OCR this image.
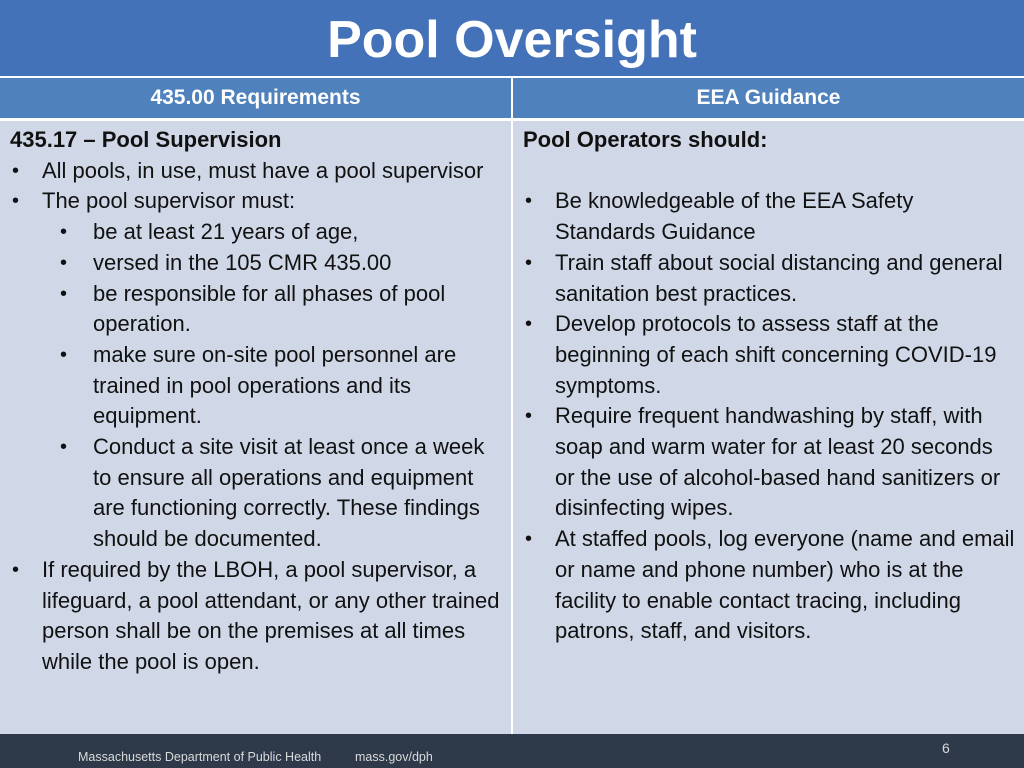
Pool Oversight
435.00 Requirements	EEA Guidance
435.17 – Pool Supervision
• All pools, in use, must have a pool supervisor
• The pool supervisor must:
• be at least 21 years of age,
• versed in the 105 CMR 435.00
• be responsible for all phases of pool operation.
• make sure on-site pool personnel are trained in pool operations and its equipment.
• Conduct a site visit at least once a week to ensure all operations and equipment are functioning correctly. These findings should be documented.
• If required by the LBOH, a pool supervisor, a lifeguard, a pool attendant, or any other trained person shall be on the premises at all times while the pool is open.
Pool Operators should:
• Be knowledgeable of the EEA Safety Standards Guidance
• Train staff about social distancing and general sanitation best practices.
• Develop protocols to assess staff at the beginning of each shift concerning COVID-19 symptoms.
• Require frequent handwashing by staff, with soap and warm water for at least 20 seconds or the use of alcohol-based hand sanitizers or disinfecting wipes.
• At staffed pools, log everyone (name and email or name and phone number) who is at the facility to enable contact tracing, including patrons, staff, and visitors.
Massachusetts Department of Public Health	mass.gov/dph
6
